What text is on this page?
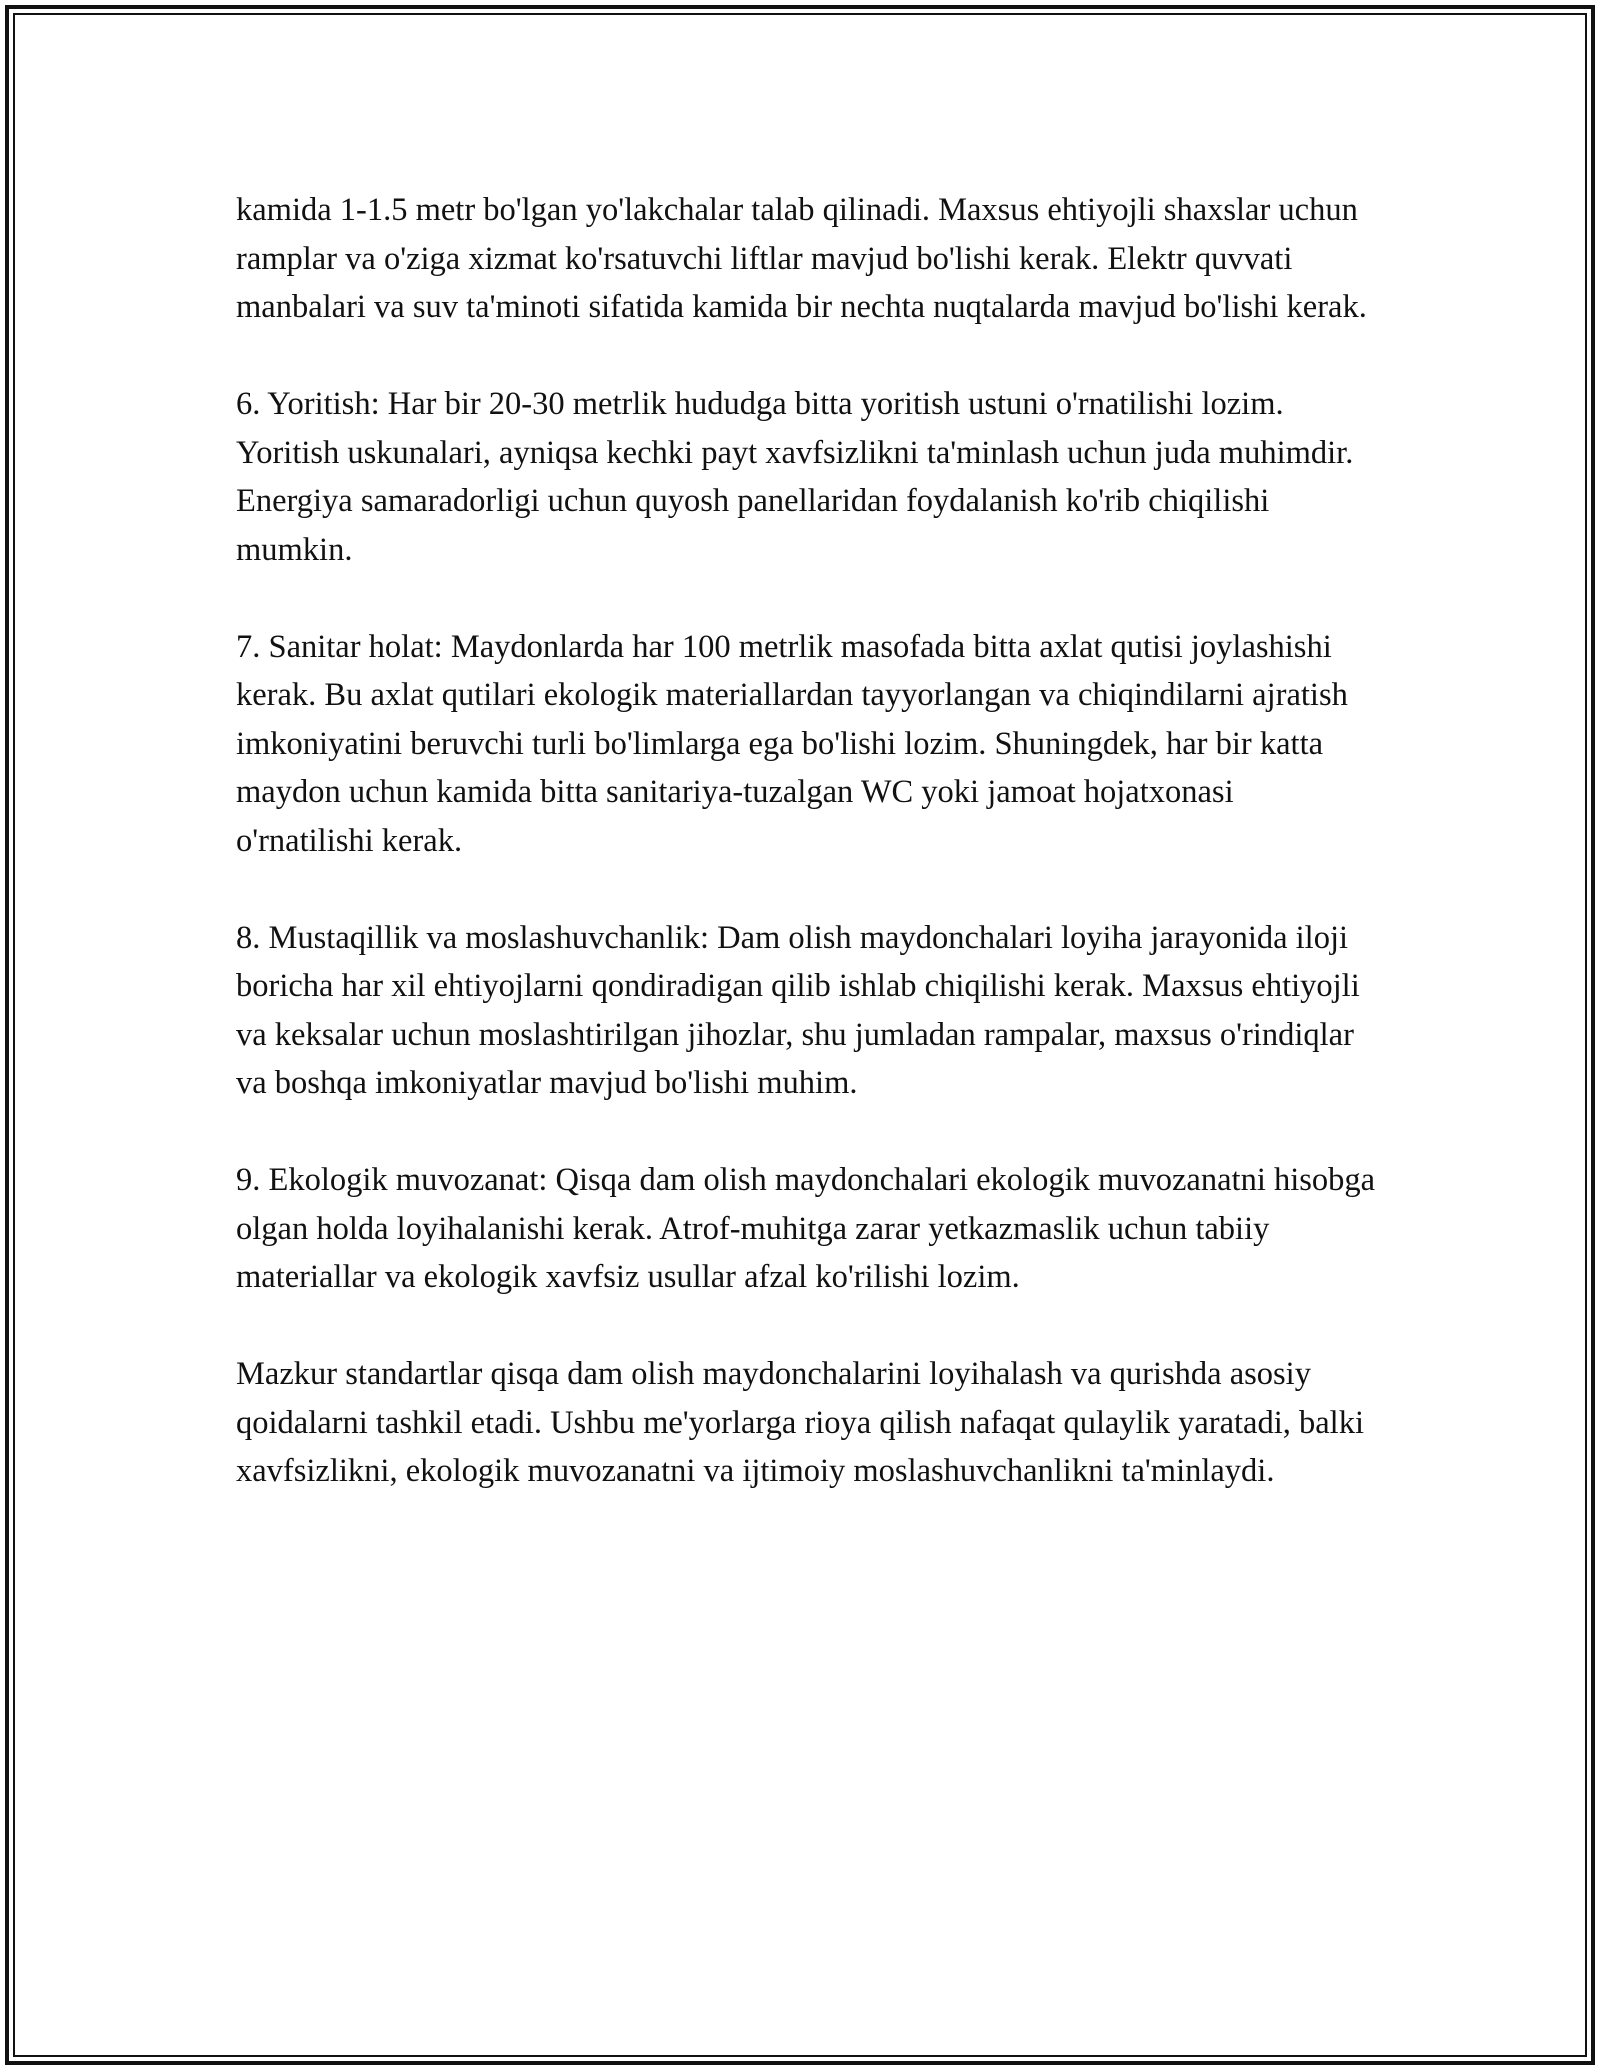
kamida 1-1.5 metr bo'lgan yo'lakchalar talab qilinadi. Maxsus ehtiyojli shaxslar uchun ramplar va o'ziga xizmat ko'rsatuvchi liftlar mavjud bo'lishi kerak. Elektr quvvati manbalari va suv ta'minoti sifatida kamida bir nechta nuqtalarda mavjud bo'lishi kerak.

6. Yoritish: Har bir 20-30 metrlik hududga bitta yoritish ustuni o'rnatilishi lozim. Yoritish uskunalari, ayniqsa kechki payt xavfsizlikni ta'minlash uchun juda muhimdir. Energiya samaradorligi uchun quyosh panellaridan foydalanish ko'rib chiqilishi mumkin.

7. Sanitar holat: Maydonlarda har 100 metrlik masofada bitta axlat qutisi joylashishi kerak. Bu axlat qutilari ekologik materiallardan tayyorlangan va chiqindilarni ajratish imkoniyatini beruvchi turli bo'limlarga ega bo'lishi lozim. Shuningdek, har bir katta maydon uchun kamida bitta sanitariya-tuzalgan WC yoki jamoat hojatxonasi o'rnatilishi kerak.

8. Mustaqillik va moslashuvchanlik: Dam olish maydonchalari loyiha jarayonida iloji boricha har xil ehtiyojlarni qondiradigan qilib ishlab chiqilishi kerak. Maxsus ehtiyojli va keksalar uchun moslashtirilgan jihozlar, shu jumladan rampalar, maxsus o'rindiqlar va boshqa imkoniyatlar mavjud bo'lishi muhim.

9. Ekologik muvozanat: Qisqa dam olish maydonchalari ekologik muvozanatni hisobga olgan holda loyihalanishi kerak. Atrof-muhitga zarar yetkazmaslik uchun tabiiy materiallar va ekologik xavfsiz usullar afzal ko'rilishi lozim.

Mazkur standartlar qisqa dam olish maydonchalarini loyihalash va qurishda asosiy qoidalarni tashkil etadi. Ushbu me'yorlarga rioya qilish nafaqat qulaylik yaratadi, balki xavfsizlikni, ekologik muvozanatni va ijtimoiy moslashuvchanlikni ta'minlaydi.
